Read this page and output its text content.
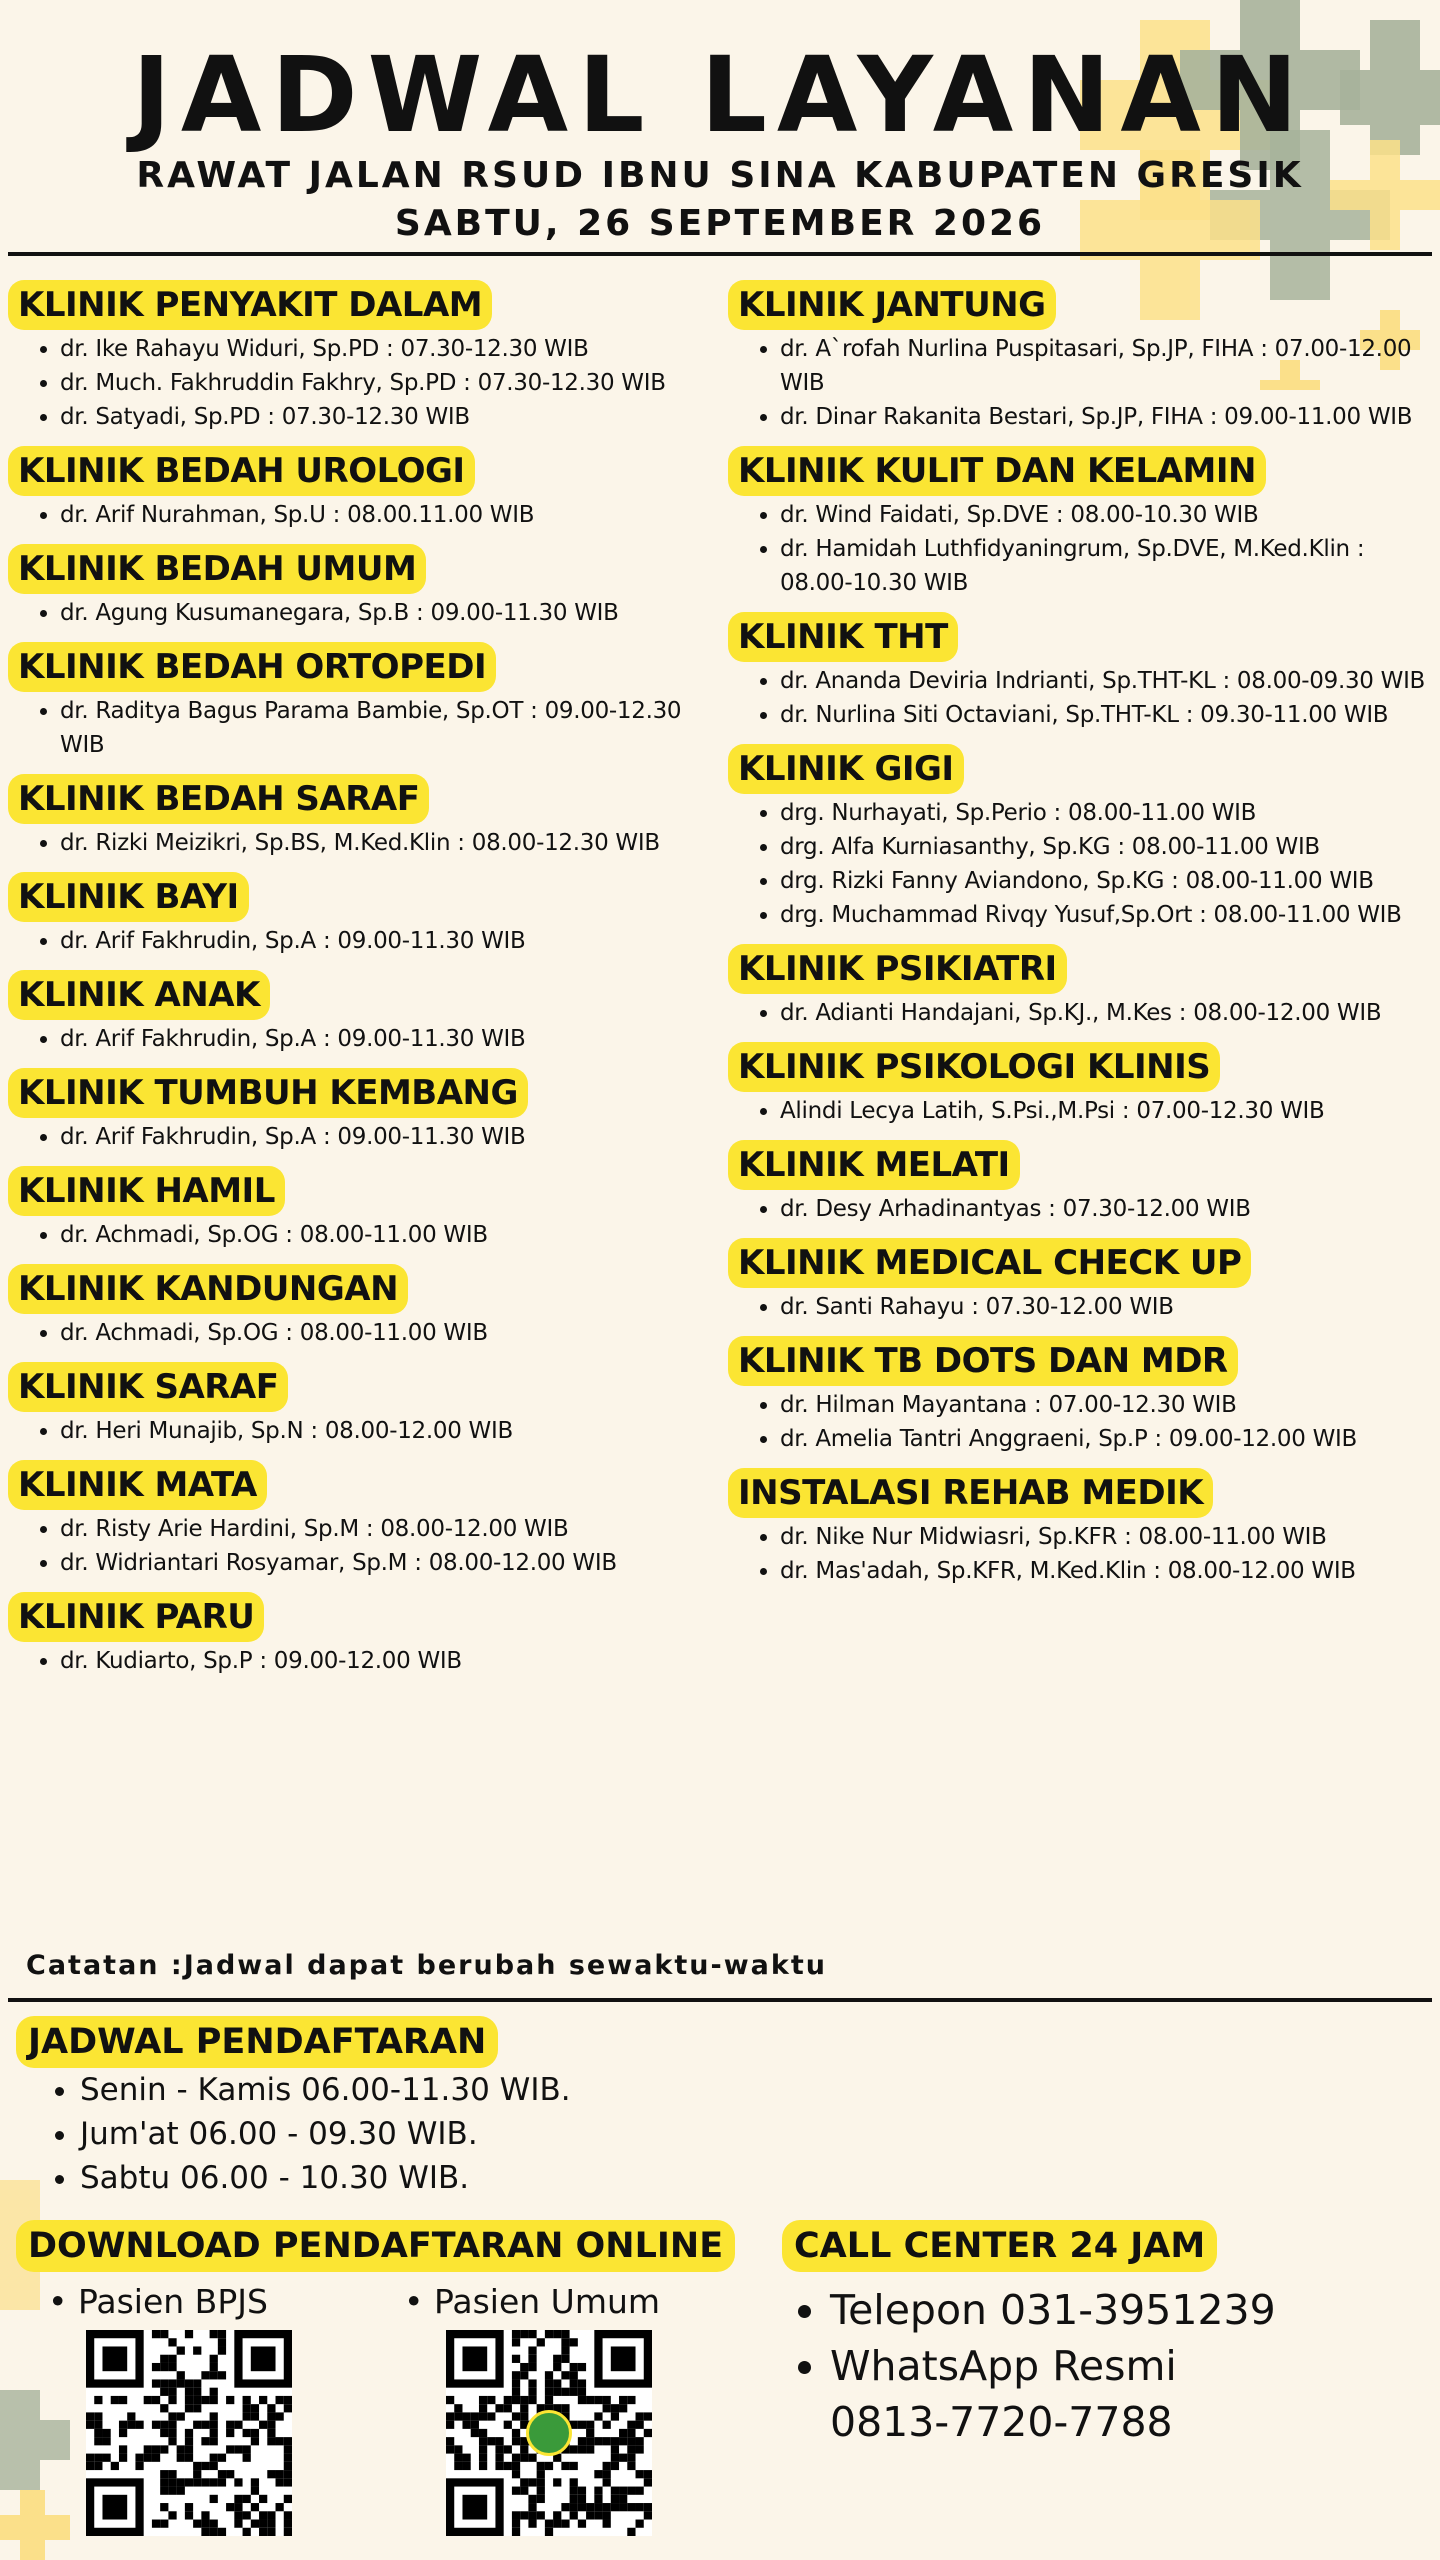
JADWAL LAYANAN
RAWAT JALAN RSUD IBNU SINA KABUPATEN GRESIK
SABTU, 26 SEPTEMBER 2026
KLINIK PENYAKIT DALAM
• dr. Ike Rahayu Widuri, Sp.PD : 07.30-12.30 WIB
• dr. Much. Fakhruddin Fakhry, Sp.PD : 07.30-12.30 WIB
• dr. Satyadi, Sp.PD : 07.30-12.30 WIB
KLINIK BEDAH UROLOGI
• dr. Arif Nurahman, Sp.U : 08.00.11.00 WIB
KLINIK BEDAH UMUM
• dr. Agung Kusumanegara, Sp.B : 09.00-11.30 WIB
KLINIK BEDAH ORTOPEDI
• dr. Raditya Bagus Parama Bambie, Sp.OT : 09.00-12.30 WIB
KLINIK BEDAH SARAF
• dr. Rizki Meizikri, Sp.BS, M.Ked.Klin : 08.00-12.30 WIB
KLINIK BAYI
• dr. Arif Fakhrudin, Sp.A : 09.00-11.30 WIB
KLINIK ANAK
• dr. Arif Fakhrudin, Sp.A : 09.00-11.30 WIB
KLINIK TUMBUH KEMBANG
• dr. Arif Fakhrudin, Sp.A : 09.00-11.30 WIB
KLINIK HAMIL
• dr. Achmadi, Sp.OG : 08.00-11.00 WIB
KLINIK KANDUNGAN
• dr. Achmadi, Sp.OG : 08.00-11.00 WIB
KLINIK SARAF
• dr. Heri Munajib, Sp.N : 08.00-12.00 WIB
KLINIK MATA
• dr. Risty Arie Hardini, Sp.M : 08.00-12.00 WIB
• dr. Widriantari Rosyamar, Sp.M : 08.00-12.00 WIB
KLINIK PARU
• dr. Kudiarto, Sp.P : 09.00-12.00 WIB
KLINIK JANTUNG
• dr. A`rofah Nurlina Puspitasari, Sp.JP, FIHA : 07.00-12.00 WIB
• dr. Dinar Rakanita Bestari, Sp.JP, FIHA : 09.00-11.00 WIB
KLINIK KULIT DAN KELAMIN
• dr. Wind Faidati, Sp.DVE : 08.00-10.30 WIB
• dr. Hamidah Luthfidyaningrum, Sp.DVE, M.Ked.Klin : 08.00-10.30 WIB
KLINIK THT
• dr. Ananda Deviria Indrianti, Sp.THT-KL : 08.00-09.30 WIB
• dr. Nurlina Siti Octaviani, Sp.THT-KL : 09.30-11.00 WIB
KLINIK GIGI
• drg. Nurhayati, Sp.Perio : 08.00-11.00 WIB
• drg. Alfa Kurniasanthy, Sp.KG : 08.00-11.00 WIB
• drg. Rizki Fanny Aviandono, Sp.KG : 08.00-11.00 WIB
• drg. Muchammad Rivqy Yusuf,Sp.Ort : 08.00-11.00 WIB
KLINIK PSIKIATRI
• dr. Adianti Handajani, Sp.KJ., M.Kes : 08.00-12.00 WIB
KLINIK PSIKOLOGI KLINIS
• Alindi Lecya Latih, S.Psi.,M.Psi : 07.00-12.30 WIB
KLINIK MELATI
• dr. Desy Arhadinantyas : 07.30-12.00 WIB
KLINIK MEDICAL CHECK UP
• dr. Santi Rahayu : 07.30-12.00 WIB
KLINIK TB DOTS DAN MDR
• dr. Hilman Mayantana : 07.00-12.30 WIB
• dr. Amelia Tantri Anggraeni, Sp.P : 09.00-12.00 WIB
INSTALASI REHAB MEDIK
• dr. Nike Nur Midwiasri, Sp.KFR : 08.00-11.00 WIB
• dr. Mas'adah, Sp.KFR, M.Ked.Klin : 08.00-12.00 WIB
Catatan :Jadwal dapat berubah sewaktu-waktu
JADWAL PENDAFTARAN
• Senin - Kamis 06.00-11.30 WIB.
• Jum'at 06.00 - 09.30 WIB.
• Sabtu 06.00 - 10.30 WIB.
DOWNLOAD PENDAFTARAN ONLINE
• Pasien BPJS
•	Pasien Umum
CALL CENTER 24 JAM
• Telepon 031-3951239
• WhatsApp Resmi
0813-7720-7788
